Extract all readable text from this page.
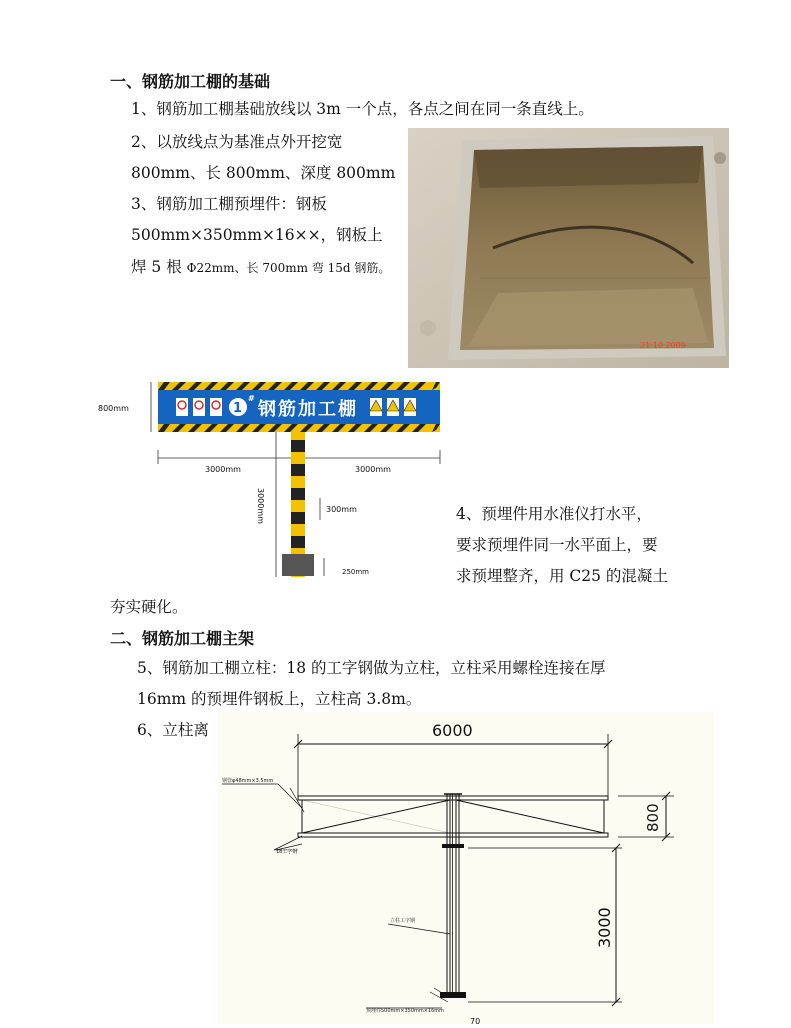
一、钢筋加工棚的基础
1、钢筋加工棚基础放线以 3m 一个点，各点之间在同一条直线上。
2、以放线点为基准点外开挖宽
800mm、长 800mm、深度 800mm
3、钢筋加工棚预埋件：钢板
500mm×350mm×16××，钢板上
焊 5 根 Φ22mm、长 700mm 弯 15d 钢筋。
21 10.2009
1
#
钢筋加工棚
800mm
3000mm	3000mm
3000mm	300mm
250mm
4、预埋件用水准仪打水平，
要求预埋件同一水平面上，要
求预埋整齐，用 C25 的混凝土
夯实硬化。
二、钢筋加工棚主架
5、钢筋加工棚立柱：18 的工字钢做为立柱，立柱采用螺栓连接在厚
16mm 的预埋件钢板上，立柱高 3.8m。
6、立柱离	6000
800
3000
钢管φ48mm×3.5mm
18工字钢
立柱工字钢
预埋件500mm×350mm×16mm
70
